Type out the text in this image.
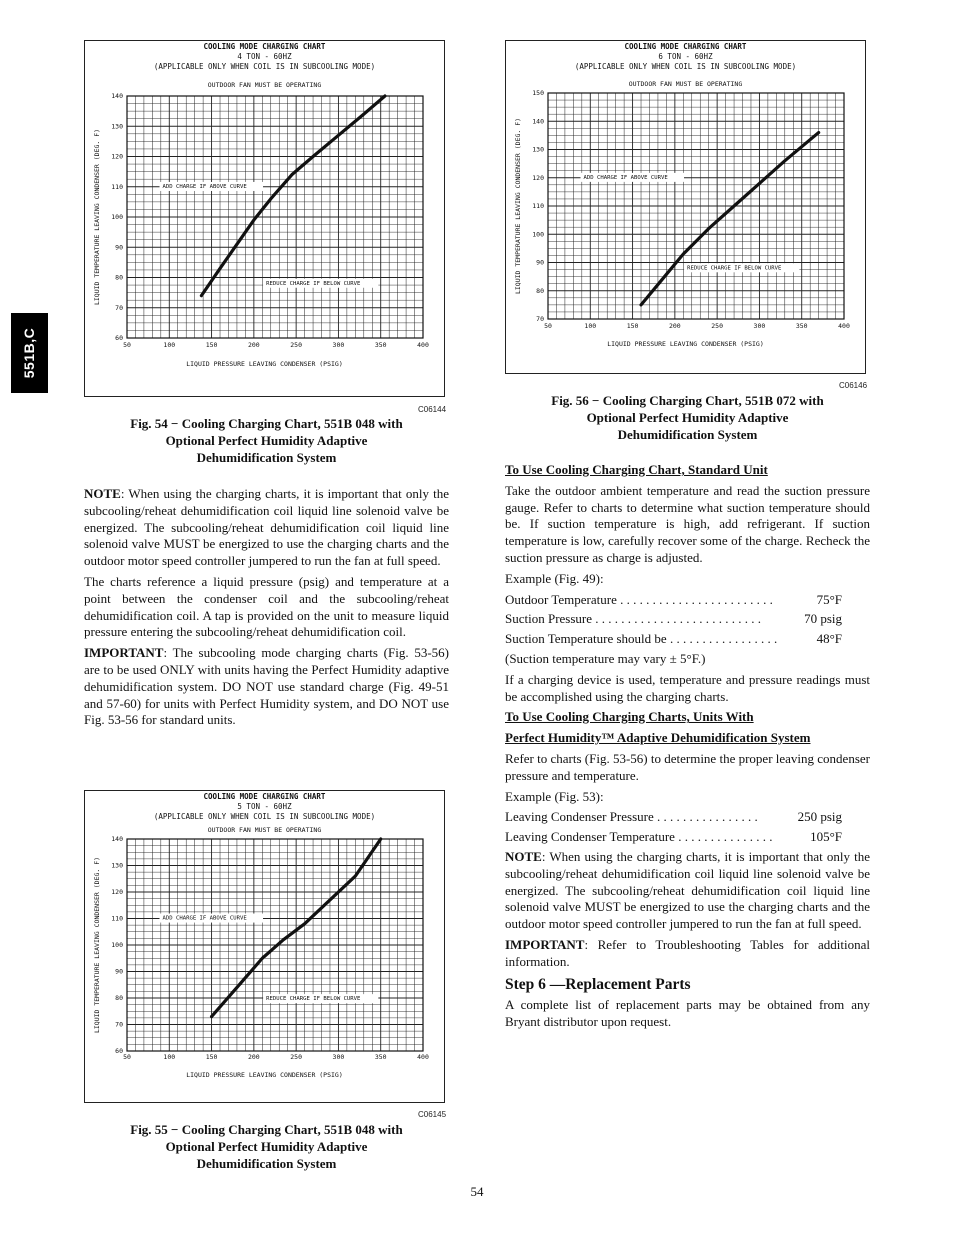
551B,C
COOLING MODE CHARGING CHART
4 TON - 60HZ
(APPLICABLE ONLY WHEN COIL IS IN SUBCOOLING MODE)
OUTDOOR FAN MUST BE OPERATING
50	100	150	200	250	300	350	400
60
70
80
90
100
110
120
130
140
LIQUID PRESSURE LEAVING CONDENSER (PSIG)
LIQUID TEMPERATURE LEAVING CONDENSER (DEG. F)	ADD CHARGE IF ABOVE CURVE
REDUCE CHARGE IF BELOW CURVE
C06144
Fig. 54 − Cooling Charging Chart, 551B 048 with
Optional Perfect Humidity Adaptive
Dehumidification System

NOTE: When using the charging charts, it is important that only the subcooling/reheat dehumidification coil liquid line solenoid valve be energized. The subcooling/reheat dehumidification coil liquid line solenoid valve MUST be energized to use the charging charts and the outdoor motor speed controller jumpered to run the fan at full speed.

The charts reference a liquid pressure (psig) and temperature at a point between the condenser coil and the subcooling/reheat dehumidification coil. A tap is provided on the unit to measure liquid pressure entering the subcooling/reheat dehumidification coil.

IMPORTANT: The subcooling mode charging charts (Fig. 53-56) are to be used ONLY with units having the Perfect Humidity adaptive dehumidification system. DO NOT use standard charge (Fig. 49-51 and 57-60) for units with Perfect Humidity system, and DO NOT use Fig. 53-56 for standard units.

COOLING MODE CHARGING CHART
5 TON - 60HZ
(APPLICABLE ONLY WHEN COIL IS IN SUBCOOLING MODE)
OUTDOOR FAN MUST BE OPERATING
50	100	150	200	250	300	350	400
60
70
80
90
100
110
120
130
140
LIQUID PRESSURE LEAVING CONDENSER (PSIG)
LIQUID TEMPERATURE LEAVING CONDENSER (DEG. F)	ADD CHARGE IF ABOVE CURVE
REDUCE CHARGE IF BELOW CURVE
C06145
Fig. 55 − Cooling Charging Chart, 551B 048 with
Optional Perfect Humidity Adaptive
Dehumidification System
COOLING MODE CHARGING CHART
6 TON - 60HZ
(APPLICABLE ONLY WHEN COIL IS IN SUBCOOLING MODE)
OUTDOOR FAN MUST BE OPERATING
50	100	150	200	250	300	350	400
70
80
90
100
110
120
130
140
150
LIQUID PRESSURE LEAVING CONDENSER (PSIG)
LIQUID TEMPERATURE LEAVING CONDENSER (DEG. F)	ADD CHARGE IF ABOVE CURVE
REDUCE CHARGE IF BELOW CURVE
C06146
Fig. 56 − Cooling Charging Chart, 551B 072 with
Optional Perfect Humidity Adaptive
Dehumidification System

To Use Cooling Charging Chart, Standard Unit

Take the outdoor ambient temperature and read the suction pressure gauge. Refer to charts to determine what suction temperature should be. If suction temperature is high, add refrigerant. If suction temperature is low, carefully recover some of the charge. Recheck the suction pressure as charge is adjusted.

Example (Fig. 49):

Outdoor Temperature . . . . . . . . . . . . . . . . . . . . . . . .	75°F
Suction Pressure . . . . . . . . . . . . . . . . . . . . . . . . . .	70 psig
Suction Temperature should be . . . . . . . . . . . . . . . . .	48°F

(Suction temperature may vary ± 5°F.)

If a charging device is used, temperature and pressure readings must be accomplished using the charging charts.

To Use Cooling Charging Charts, Units With

Perfect Humidity™ Adaptive Dehumidification System

Refer to charts (Fig. 53-56) to determine the proper leaving condenser pressure and temperature.

Example (Fig. 53):

Leaving Condenser Pressure . . . . . . . . . . . . . . . .	250 psig
Leaving Condenser Temperature . . . . . . . . . . . . . . .	105°F

NOTE: When using the charging charts, it is important that only the subcooling/reheat dehumidification coil liquid line solenoid valve be energized. The subcooling/reheat dehumidification coil liquid line solenoid valve MUST be energized to use the charging charts and the outdoor motor speed controller jumpered to run the fan at full speed.

IMPORTANT: Refer to Troubleshooting Tables for additional information.

Step 6 —Replacement Parts

A complete list of replacement parts may be obtained from any Bryant distributor upon request.

54
